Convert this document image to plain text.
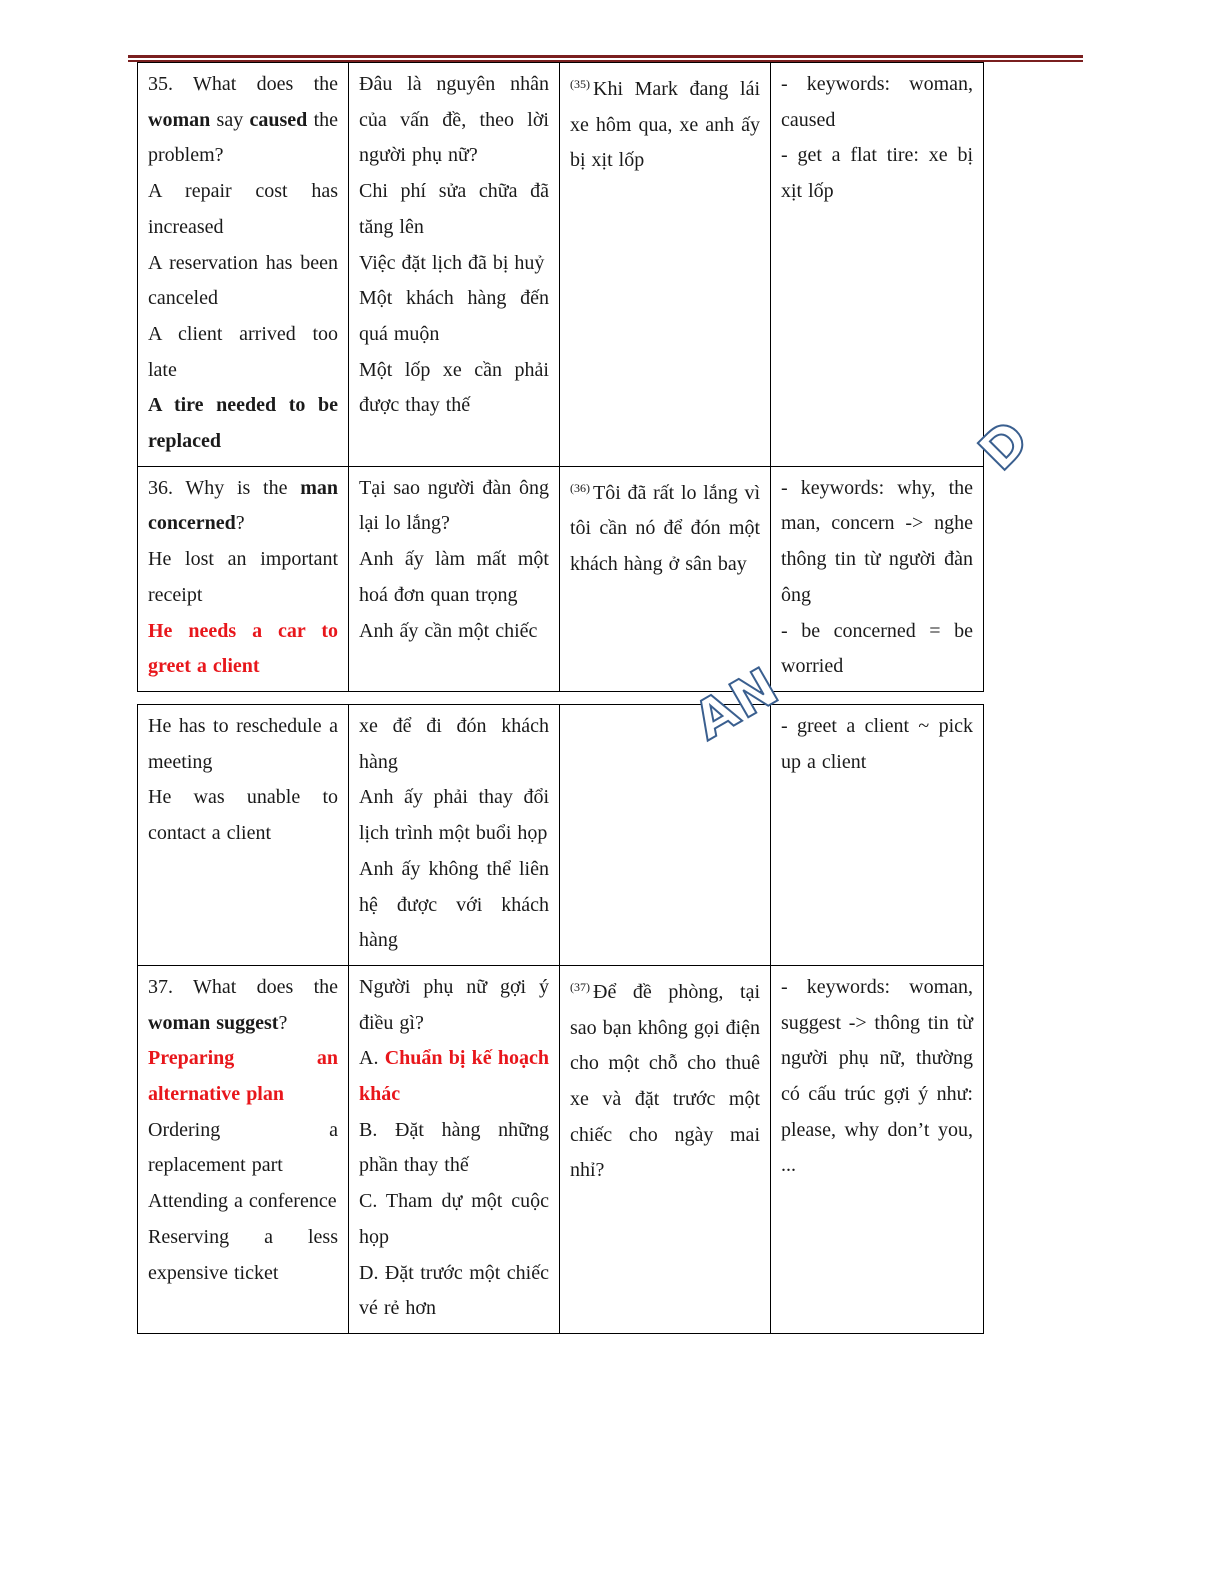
35. What does the woman say caused the problem?
A repair cost has increased
A reservation has been canceled
A client arrived too late
A tire needed to be replaced	Đâu là nguyên nhân của vấn đề, theo lời người phụ nữ?
Chi phí sửa chữa đã tăng lên
Việc đặt lịch đã bị huỷ
Một khách hàng đến quá muộn
Một lốp xe cần phải được thay thế	$^{(35)}$ Khi Mark đang lái xe hôm qua, xe anh ấy bị xịt lốp	- keywords: woman, caused
- get a flat tire: xe bị xịt lốp

36. Why is the man concerned?
He lost an important receipt
He needs a car to greet a client	Tại sao người đàn ông lại lo lắng?
Anh ấy làm mất một hoá đơn quan trọng
Anh ấy cần một chiếc	$^{(36)}$ Tôi đã rất lo lắng vì tôi cần nó để đón một khách hàng ở sân bay	- keywords: why, the man, concern -> nghe thông tin từ người đàn ông
- be concerned = be worried
He has to reschedule a meeting
He was unable to contact a client	xe để đi đón khách hàng
Anh ấy phải thay đổi lịch trình một buổi họp
Anh ấy không thể liên hệ được với khách hàng		- greet a client ~ pick up a client

37. What does the woman suggest?
Preparing an alternative plan
Ordering a replacement part
Attending a conference
Reserving a less expensive ticket	Người phụ nữ gợi ý điều gì?
A. Chuẩn bị kế hoạch khác
B. Đặt hàng những phần thay thế
C. Tham dự một cuộc họp
D. Đặt trước một chiếc vé rẻ hơn	$^{(37)}$ Để đề phòng, tại sao bạn không gọi điện cho một chỗ cho thuê xe và đặt trước một chiếc cho ngày mai nhỉ?	- keywords: woman, suggest -> thông tin từ người phụ nữ, thường có cấu trúc gợi ý như: please, why don’t you, ...
D
AN
